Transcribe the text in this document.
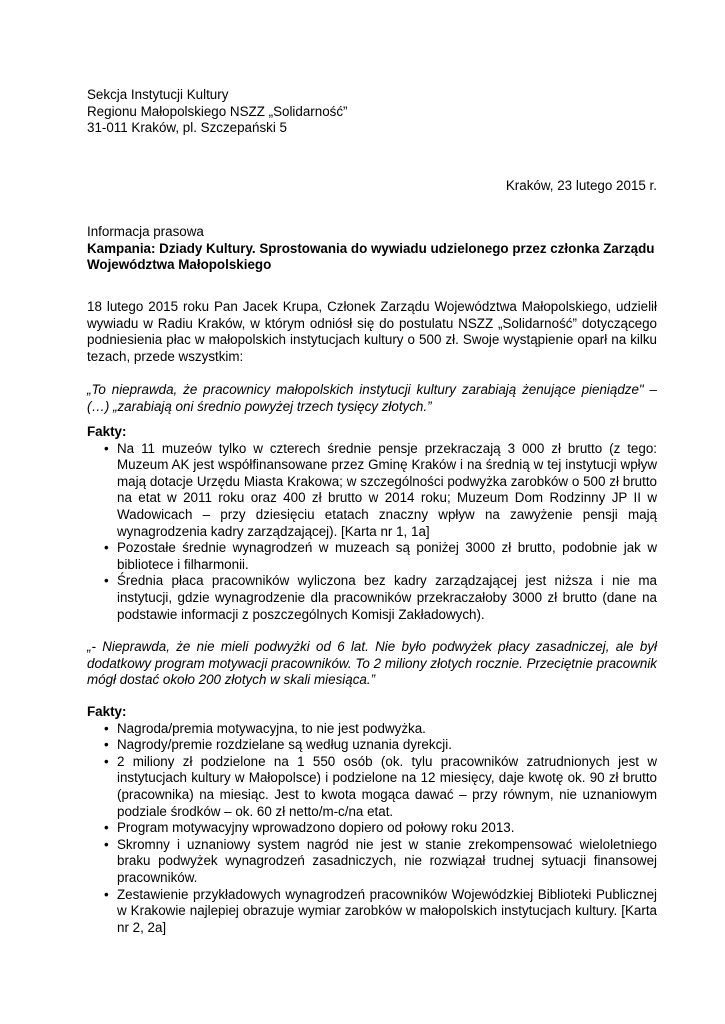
Sekcja Instytucji Kultury
Regionu Małopolskiego NSZZ „Solidarność”
31-011 Kraków, pl. Szczepański 5
Kraków, 23 lutego 2015 r.
Informacja prasowa
Kampania: Dziady Kultury. Sprostowania do wywiadu udzielonego przez członka Zarządu Województwa Małopolskiego
18 lutego 2015 roku Pan Jacek Krupa, Członek Zarządu Województwa Małopolskiego, udzielił wywiadu w Radiu Kraków, w którym odniósł się do postulatu NSZZ „Solidarność” dotyczącego podniesienia płac w małopolskich instytucjach kultury o 500 zł. Swoje wystąpienie oparł na kilku tezach, przede wszystkim:
„To nieprawda, że pracownicy małopolskich instytucji kultury zarabiają żenujące pieniądze" – (…) „zarabiają oni średnio powyżej trzech tysięcy złotych.”
Fakty:
• Na 11 muzeów tylko w czterech średnie pensje przekraczają 3 000 zł brutto (z tego: Muzeum AK jest współfinansowane przez Gminę Kraków i na średnią w tej instytucji wpływ mają dotacje Urzędu Miasta Krakowa; w szczególności podwyżka zarobków o 500 zł brutto na etat w 2011 roku oraz 400 zł brutto w 2014 roku; Muzeum Dom Rodzinny JP II w Wadowicach – przy dziesięciu etatach znaczny wpływ na zawyżenie pensji mają wynagrodzenia kadry zarządzającej). [Karta nr 1, 1a]
• Pozostałe średnie wynagrodzeń w muzeach są poniżej 3000 zł brutto, podobnie jak w bibliotece i filharmonii.
• Średnia płaca pracowników wyliczona bez kadry zarządzającej jest niższa i nie ma instytucji, gdzie wynagrodzenie dla pracowników przekraczałoby 3000 zł brutto (dane na podstawie informacji z poszczególnych Komisji Zakładowych).
„- Nieprawda, że nie mieli podwyżki od 6 lat. Nie było podwyżek płacy zasadniczej, ale był dodatkowy program motywacji pracowników. To 2 miliony złotych rocznie. Przeciętnie pracownik mógł dostać około 200 złotych w skali miesiąca.”
Fakty:
• Nagroda/premia motywacyjna, to nie jest podwyżka.
• Nagrody/premie rozdzielane są według uznania dyrekcji.
• 2 miliony zł podzielone na 1 550 osób (ok. tylu pracowników zatrudnionych jest w instytucjach kultury w Małopolsce) i podzielone na 12 miesięcy, daje kwotę ok. 90 zł brutto (pracownika) na miesiąc. Jest to kwota mogąca dawać – przy równym, nie uznaniowym podziale środków – ok. 60 zł netto/m-c/na etat.
• Program motywacyjny wprowadzono dopiero od połowy roku 2013.
• Skromny i uznaniowy system nagród nie jest w stanie zrekompensować wieloletniego braku podwyżek wynagrodzeń zasadniczych, nie rozwiązał trudnej sytuacji finansowej pracowników.
• Zestawienie przykładowych wynagrodzeń pracowników Wojewódzkiej Biblioteki Publicznej w Krakowie najlepiej obrazuje wymiar zarobków w małopolskich instytucjach kultury. [Karta nr 2, 2a]
